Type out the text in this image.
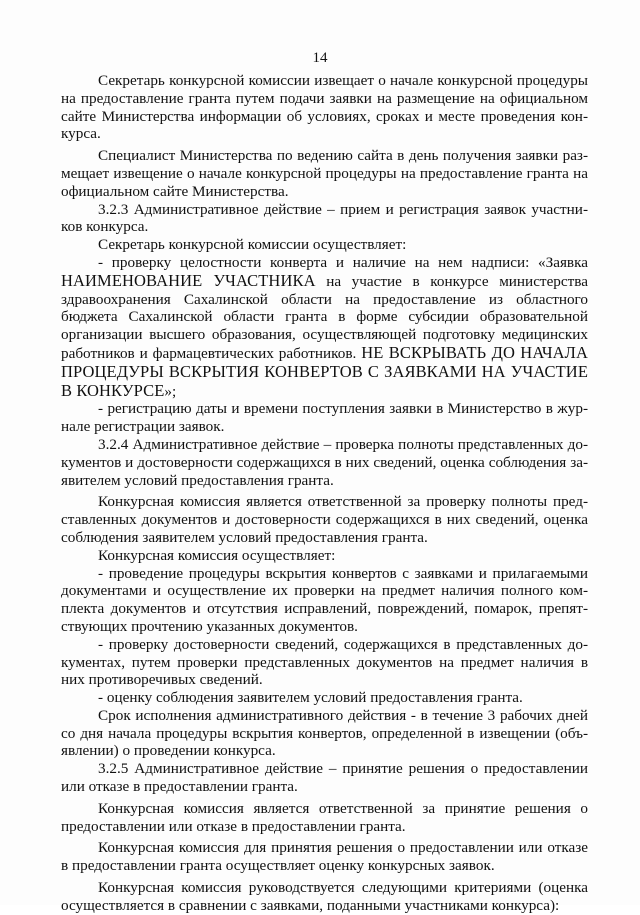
14

Секретарь конкурсной комиссии извещает о начале конкурсной процедуры на предоставление гранта путем подачи заявки на размещение на официальном сайте Министерства информации об условиях, сроках и месте проведения конкурса.

Специалист Министерства по ведению сайта в день получения заявки размещает извещение о начале конкурсной процедуры на предоставление гранта на официальном сайте Министерства.

3.2.3 Административное действие – прием и регистрация заявок участников конкурса.

Секретарь конкурсной комиссии осуществляет:

- проверку целостности конверта и наличие на нем надписи: «Заявка НАИМЕНОВАНИЕ УЧАСТНИКА на участие в конкурсе министерства здравоохранения Сахалинской области на предоставление из областного бюджета Сахалинской области гранта в форме субсидии образовательной организации высшего образования, осуществляющей подготовку медицинских работников и фармацевтических работников. НЕ ВСКРЫВАТЬ ДО НАЧАЛА ПРОЦЕДУРЫ ВСКРЫТИЯ КОНВЕРТОВ С ЗАЯВКАМИ НА УЧАСТИЕ В КОНКУРСЕ»;

- регистрацию даты и времени поступления заявки в Министерство в журнале регистрации заявок.

3.2.4 Административное действие – проверка полноты представленных документов и достоверности содержащихся в них сведений, оценка соблюдения заявителем условий предоставления гранта.

Конкурсная комиссия является ответственной за проверку полноты представленных документов и достоверности содержащихся в них сведений, оценка соблюдения заявителем условий предоставления гранта.

Конкурсная комиссия осуществляет:

- проведение процедуры вскрытия конвертов с заявками и прилагаемыми документами и осуществление их проверки на предмет наличия полного комплекта документов и отсутствия исправлений, повреждений, помарок, препятствующих прочтению указанных документов.

- проверку достоверности сведений, содержащихся в представленных документах, путем проверки представленных документов на предмет наличия в них противоречивых сведений.

- оценку соблюдения заявителем условий предоставления гранта.

Срок исполнения административного действия - в течение 3 рабочих дней со дня начала процедуры вскрытия конвертов, определенной в извещении (объявлении) о проведении конкурса.

3.2.5 Административное действие – принятие решения о предоставлении или отказе в предоставлении гранта.

Конкурсная комиссия является ответственной за принятие решения о предоставлении или отказе в предоставлении гранта.

Конкурсная комиссия для принятия решения о предоставлении или отказе в предоставлении гранта осуществляет оценку конкурсных заявок.

Конкурсная комиссия руководствуется следующими критериями (оценка осуществляется в сравнении с заявками, поданными участниками конкурса):
